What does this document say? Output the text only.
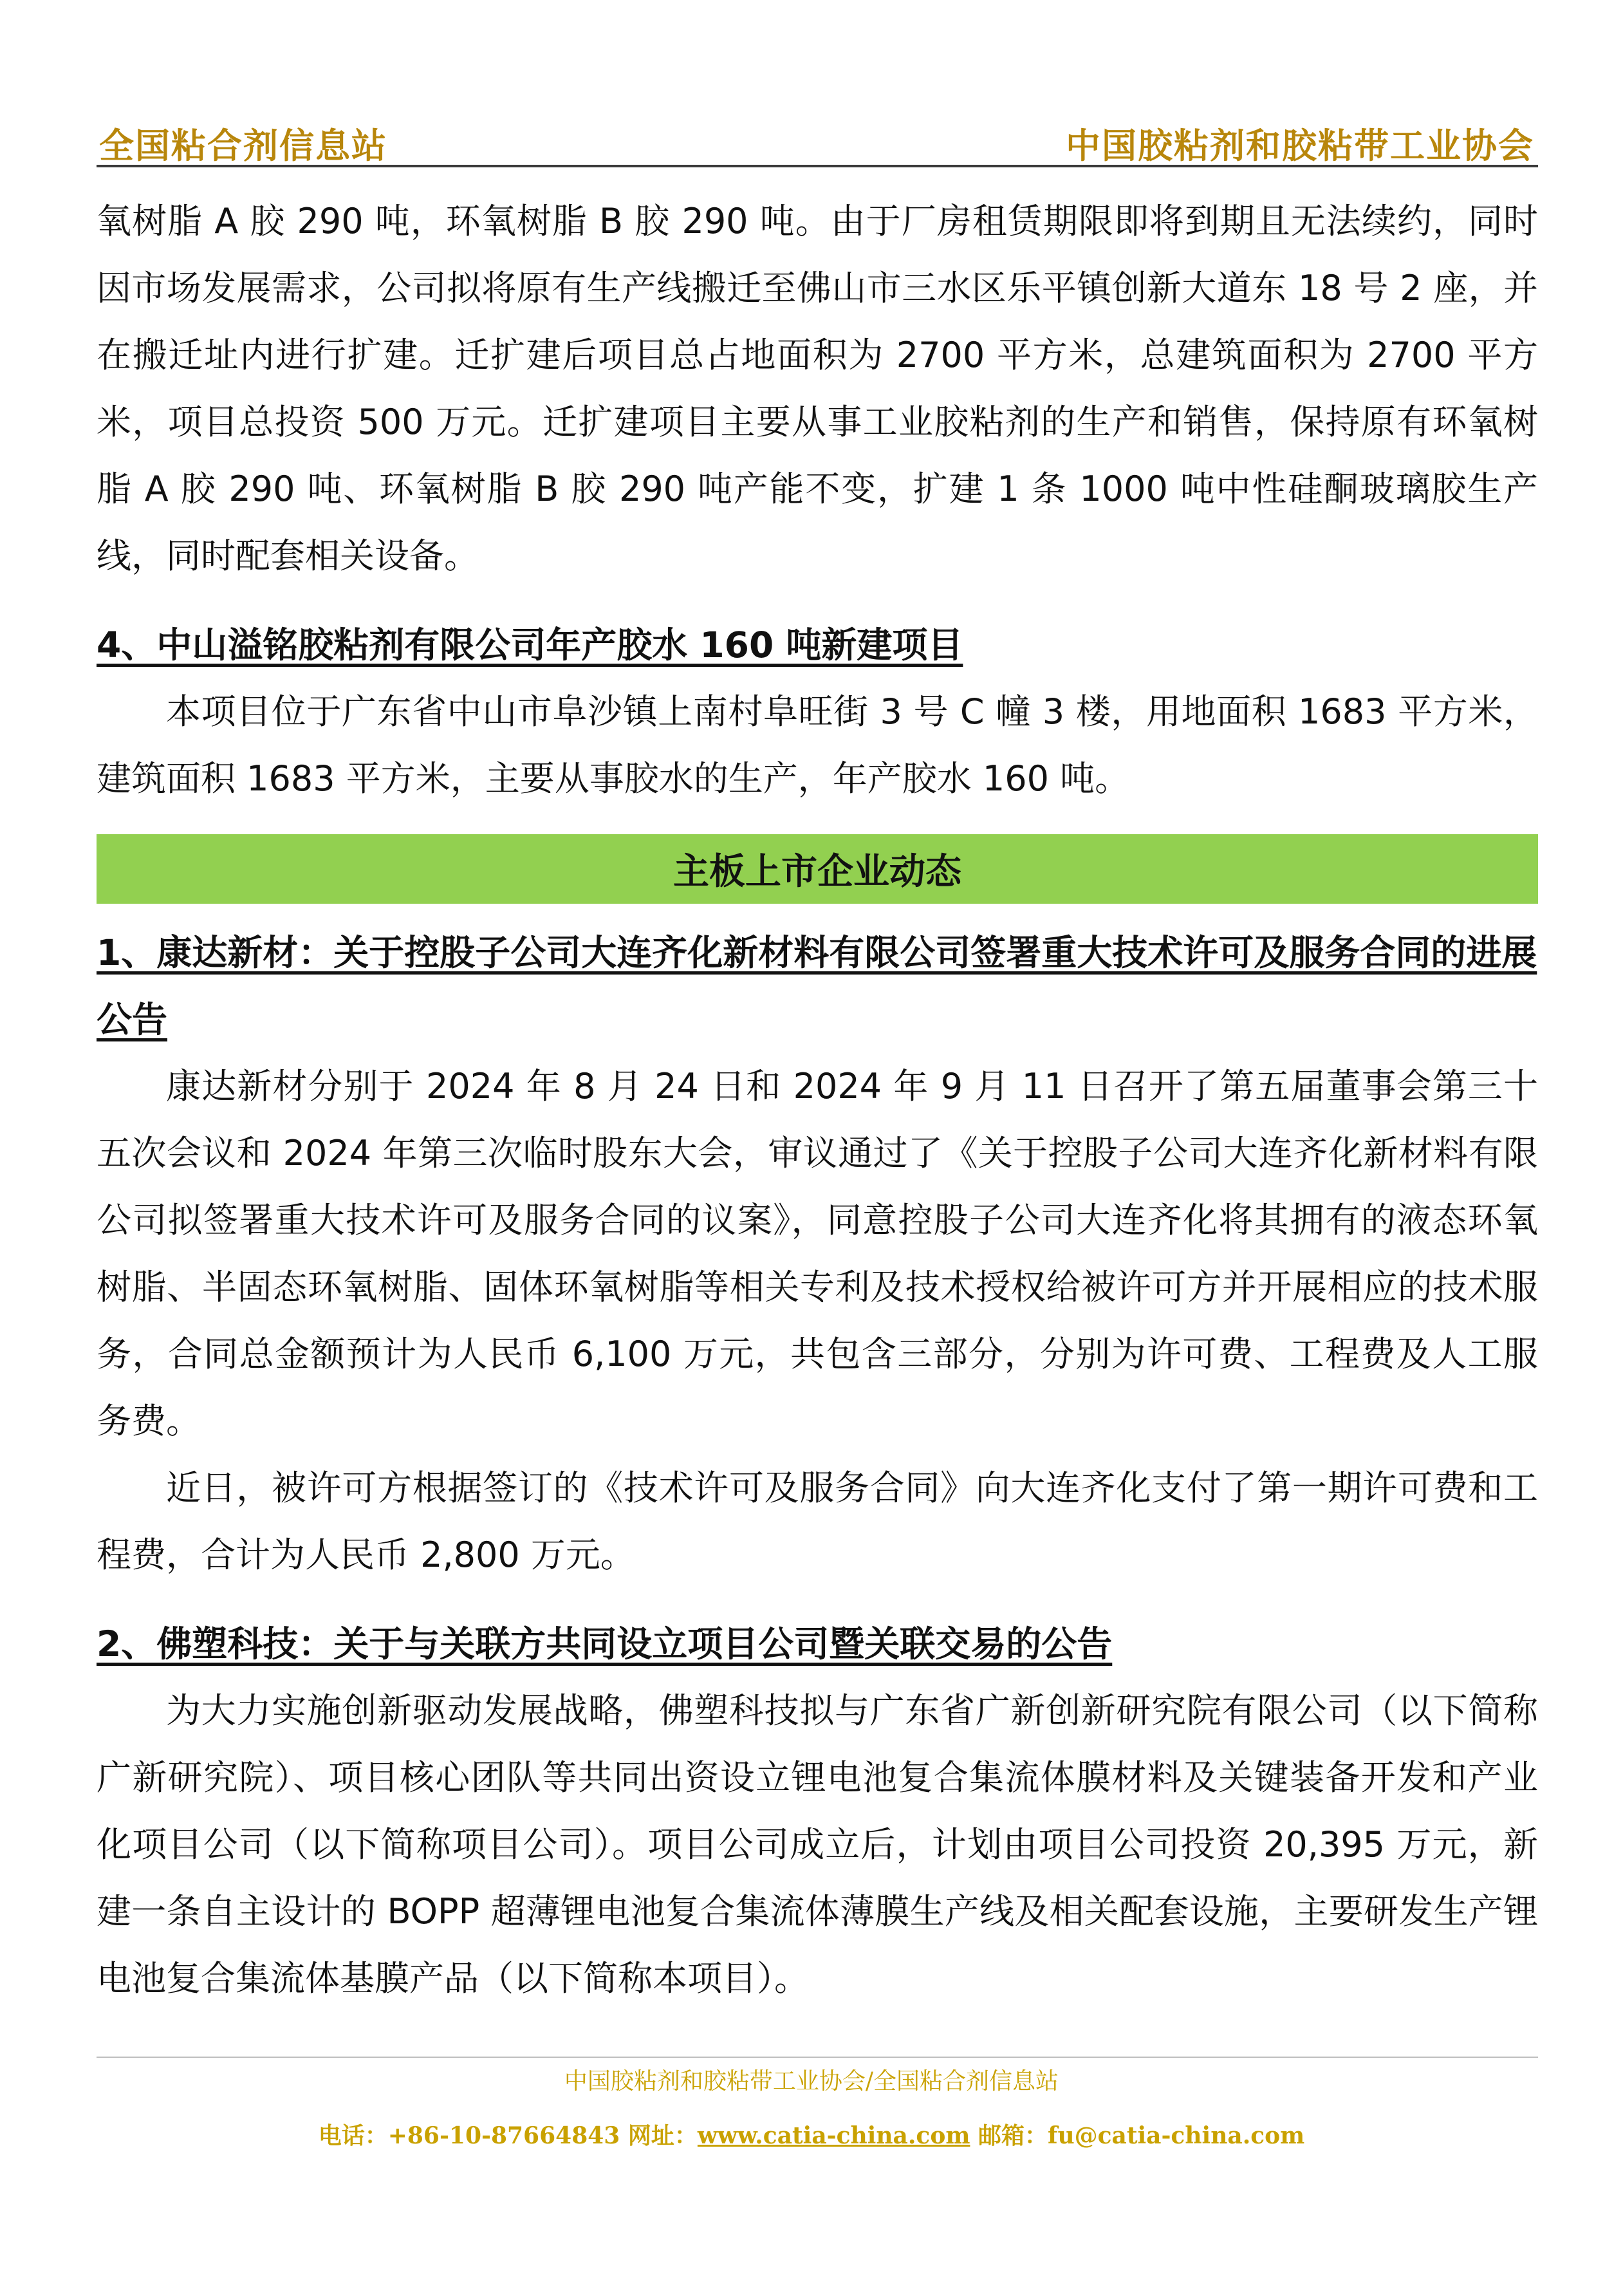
全国粘合剂信息站	中国胶粘剂和胶粘带工业协会

氧树脂 A 胶 290 吨，环氧树脂 B 胶 290 吨。由于厂房租赁期限即将到期且无法续约，同时因市场发展需求，公司拟将原有生产线搬迁至佛山市三水区乐平镇创新大道东 18 号 2 座，并在搬迁址内进行扩建。迁扩建后项目总占地面积为 2700 平方米，总建筑面积为 2700 平方米，项目总投资 500 万元。迁扩建项目主要从事工业胶粘剂的生产和销售，保持原有环氧树脂 A 胶 290 吨、环氧树脂 B 胶 290 吨产能不变，扩建 1 条 1000 吨中性硅酮玻璃胶生产线，同时配套相关设备。

4、中山溢铭胶粘剂有限公司年产胶水 160 吨新建项目

本项目位于广东省中山市阜沙镇上南村阜旺街 3 号 C 幢 3 楼，用地面积 1683 平方米，建筑面积 1683 平方米，主要从事胶水的生产，年产胶水 160 吨。

主板上市企业动态

1、康达新材：关于控股子公司大连齐化新材料有限公司签署重大技术许可及服务合同的进展公告

康达新材分别于 2024 年 8 月 24 日和 2024 年 9 月 11 日召开了第五届董事会第三十五次会议和 2024 年第三次临时股东大会，审议通过了《关于控股子公司大连齐化新材料有限公司拟签署重大技术许可及服务合同的议案》，同意控股子公司大连齐化将其拥有的液态环氧树脂、半固态环氧树脂、固体环氧树脂等相关专利及技术授权给被许可方并开展相应的技术服务，合同总金额预计为人民币 6,100 万元，共包含三部分，分别为许可费、工程费及人工服务费。

近日，被许可方根据签订的《技术许可及服务合同》向大连齐化支付了第一期许可费和工程费，合计为人民币 2,800 万元。

2、佛塑科技：关于与关联方共同设立项目公司暨关联交易的公告

为大力实施创新驱动发展战略，佛塑科技拟与广东省广新创新研究院有限公司（以下简称广新研究院）、项目核心团队等共同出资设立锂电池复合集流体膜材料及关键装备开发和产业化项目公司（以下简称项目公司）。项目公司成立后，计划由项目公司投资 20,395 万元，新建一条自主设计的 BOPP 超薄锂电池复合集流体薄膜生产线及相关配套设施，主要研发生产锂电池复合集流体基膜产品（以下简称本项目）。

中国胶粘剂和胶粘带工业协会/全国粘合剂信息站
电话：+86-10-87664843 网址：www.catia-china.com 邮箱：fu@catia-china.com
